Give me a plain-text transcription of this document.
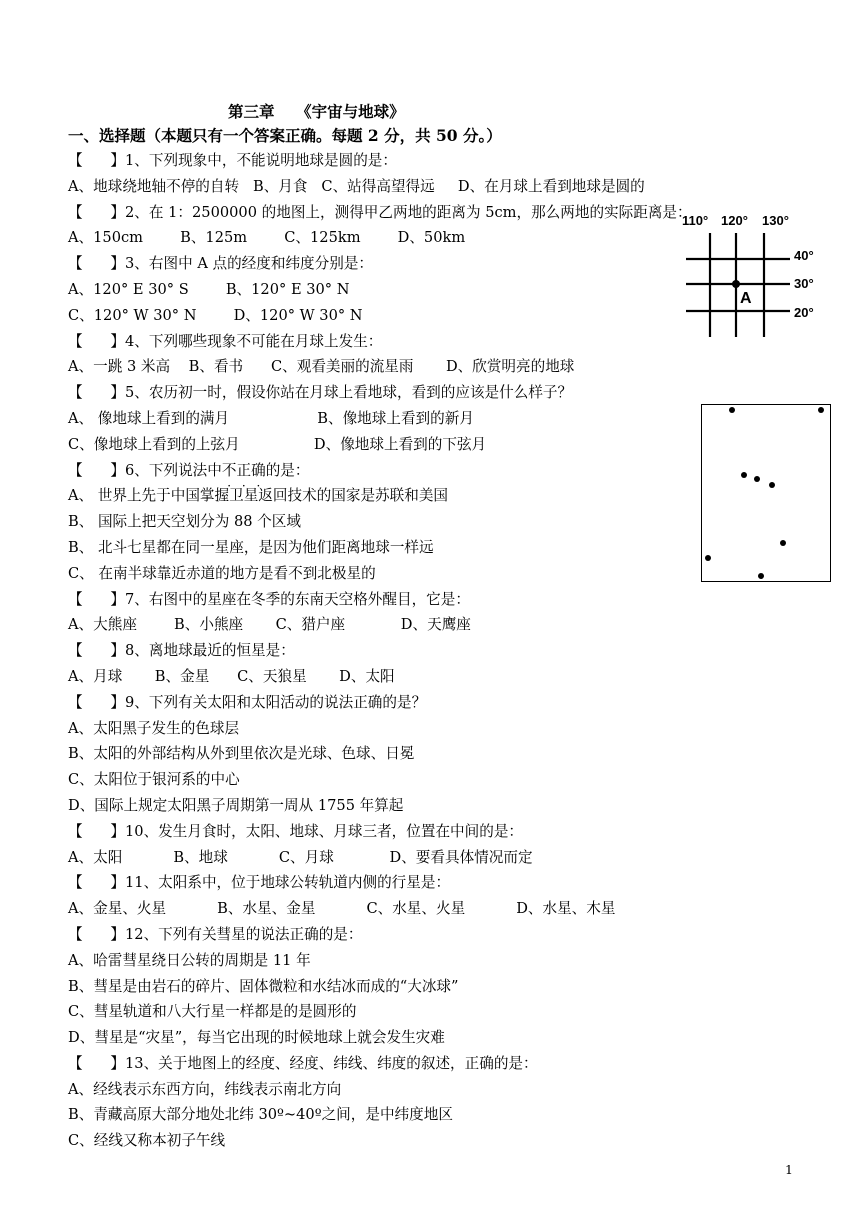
第三章    《宇宙与地球》
一、选择题（本题只有一个答案正确。每题 2 分，共 50 分。）
【      】1、下列现象中，不能说明地球是圆的是：
A、地球绕地轴不停的自转   B、月食   C、站得高望得远     D、在月球上看到地球是圆的
【      】2、在 1：2500000 的地图上，测得甲乙两地的距离为 5cm，那么两地的实际距离是：
A、150cm        B、125m        C、125km        D、50km
【      】3、右图中 A 点的经度和纬度分别是：
A、120° E 30° S        B、120° E 30° N
C、120° W 30° N        D、120° W 30° N
【      】4、下列哪些现象不可能在月球上发生：
A、一跳 3 米高    B、看书      C、观看美丽的流星雨       D、欣赏明亮的地球
【      】5、农历初一时，假设你站在月球上看地球，看到的应该是什么样子？
A、 像地球上看到的满月                   B、像地球上看到的新月
C、像地球上看到的上弦月                D、像地球上看到的下弦月
【      】6、下列说法中不正确的是：
A、 世界上先于中国掌握卫星返回技术的国家是苏联和美国
B、 国际上把天空划分为 88 个区域
B、 北斗七星都在同一星座，是因为他们距离地球一样远
C、 在南半球靠近赤道的地方是看不到北极星的
【      】7、右图中的星座在冬季的东南天空格外醒目，它是：
A、大熊座        B、小熊座       C、猎户座            D、天鹰座
【      】8、离地球最近的恒星是：
A、月球       B、金星      C、天狼星       D、太阳
【      】9、下列有关太阳和太阳活动的说法正确的是？
A、太阳黑子发生的色球层
B、太阳的外部结构从外到里依次是光球、色球、日冕
C、太阳位于银河系的中心
D、国际上规定太阳黑子周期第一周从 1755 年算起
【      】10、发生月食时，太阳、地球、月球三者，位置在中间的是：
A、太阳           B、地球           C、月球            D、要看具体情况而定
【      】11、太阳系中，位于地球公转轨道内侧的行星是：
A、金星、火星           B、水星、金星           C、水星、火星           D、水星、木星
【      】12、下列有关彗星的说法正确的是：
A、哈雷彗星绕日公转的周期是 11 年
B、彗星是由岩石的碎片、固体微粒和水结冰而成的“大冰球”
C、彗星轨道和八大行星一样都是的是圆形的
D、彗星是“灾星”，每当它出现的时候地球上就会发生灾难
【      】13、关于地图上的经度、经度、纬线、纬度的叙述，正确的是：
A、经线表示东西方向，纬线表示南北方向
B、青藏高原大部分地处北纬 30º~40º之间，是中纬度地区
C、经线又称本初子午线
110° 120° 130°
40°
30°
20°
A
1
